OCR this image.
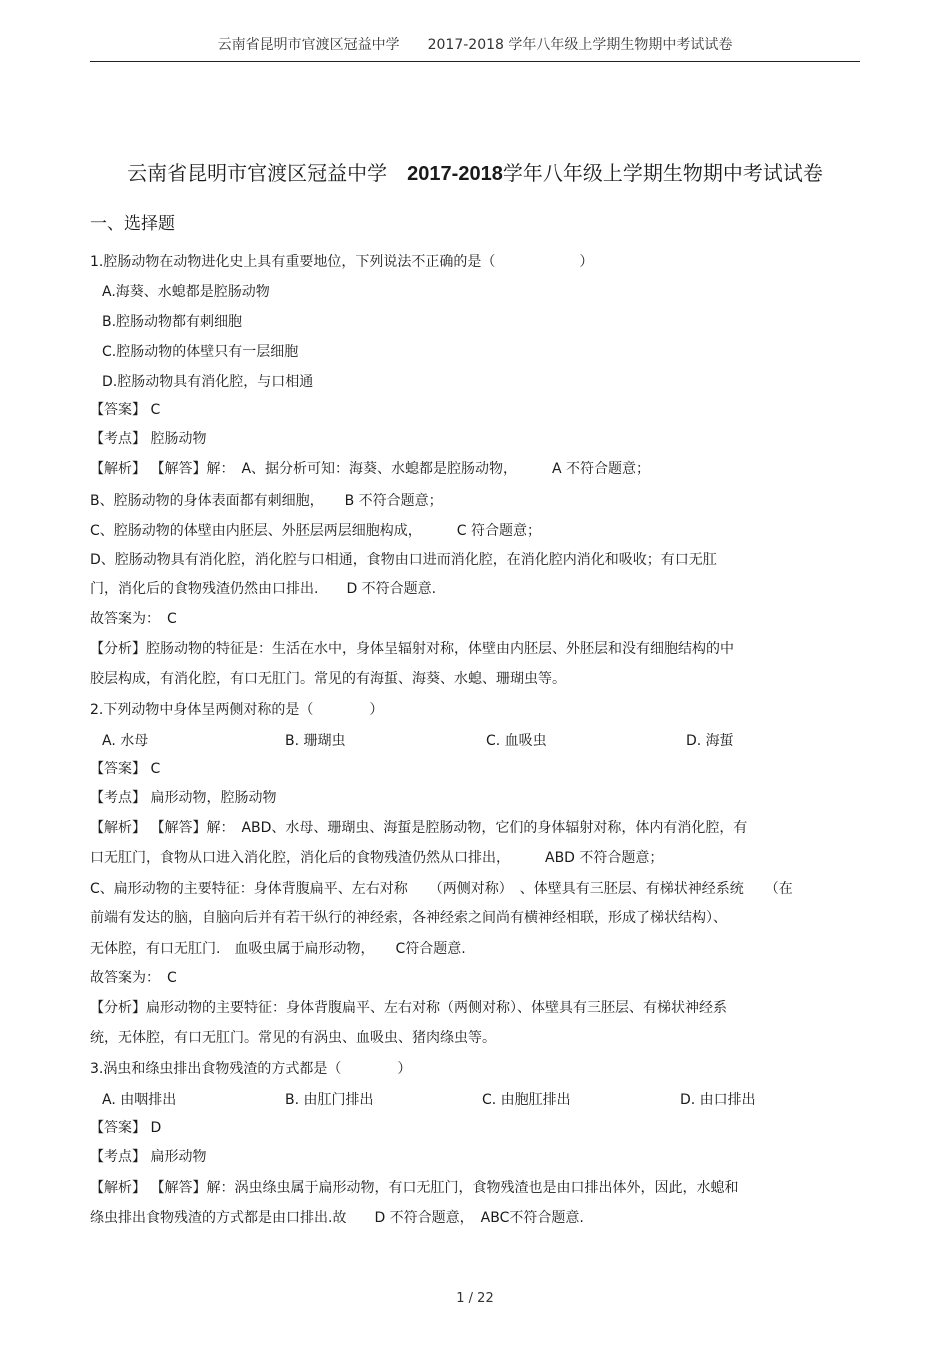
云南省昆明市官渡区冠益中学　　2017-2018 学年八年级上学期生物期中考试试卷
云南省昆明市官渡区冠益中学　2017-2018学年八年级上学期生物期中考试试卷
一、选择题
1.腔肠动物在动物进化史上具有重要地位，下列说法不正确的是（　　　　　　）
A.海葵、水螅都是腔肠动物
B.腔肠动物都有刺细胞
C.腔肠动物的体壁只有一层细胞
D.腔肠动物具有消化腔，与口相通
【答案】 C
【考点】 腔肠动物
【解析】 【解答】解：　A、据分析可知：海葵、水螅都是腔肠动物，　　　A 不符合题意；
B、腔肠动物的身体表面都有刺细胞，　　B 不符合题意；
C、腔肠动物的体壁由内胚层、外胚层两层细胞构成，　　　C 符合题意；
D、腔肠动物具有消化腔，消化腔与口相通，食物由口进而消化腔，在消化腔内消化和吸收；有口无肛
门，消化后的食物残渣仍然由口排出.　　D 不符合题意.
故答案为：　C
【分析】腔肠动物的特征是：生活在水中，身体呈辐射对称，体壁由内胚层、外胚层和没有细胞结构的中
胶层构成，有消化腔，有口无肛门。常见的有海蜇、海葵、水螅、珊瑚虫等。
2.下列动物中身体呈两侧对称的是（　　　　）
A. 水母	B. 珊瑚虫	C. 血吸虫	D. 海蜇
【答案】 C
【考点】 扁形动物，腔肠动物
【解析】 【解答】解：　ABD、水母、珊瑚虫、海蜇是腔肠动物，它们的身体辐射对称，体内有消化腔，有
口无肛门，食物从口进入消化腔，消化后的食物残渣仍然从口排出，　　　ABD 不符合题意；
C、扁形动物的主要特征：身体背腹扁平、左右对称　　（两侧对称）　、体壁具有三胚层、有梯状神经系统　　（在
前端有发达的脑，自脑向后并有若干纵行的神经索，各神经索之间尚有横神经相联，形成了梯状结构）、
无体腔，有口无肛门.　血吸虫属于扁形动物，　　C符合题意.
故答案为：　C
【分析】扁形动物的主要特征：身体背腹扁平、左右对称（两侧对称）、体壁具有三胚层、有梯状神经系
统，无体腔，有口无肛门。常见的有涡虫、血吸虫、猪肉绦虫等。
3.涡虫和绦虫排出食物残渣的方式都是（　　　　）
A. 由咽排出	B. 由肛门排出	C. 由胞肛排出	D. 由口排出
【答案】 D
【考点】 扁形动物
【解析】 【解答】解：涡虫绦虫属于扁形动物，有口无肛门，食物残渣也是由口排出体外，因此，水螅和
绦虫排出食物残渣的方式都是由口排出.故　　D 不符合题意，　ABC不符合题意.
1 / 22
